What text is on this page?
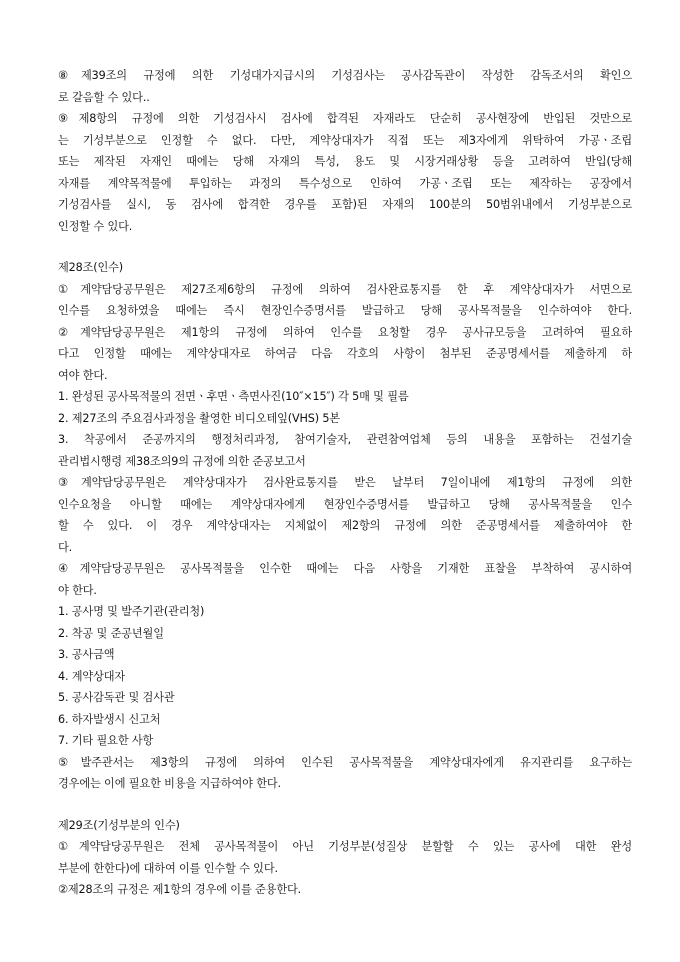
⑧제39조의 규정에 의한 기성대가지급시의 기성검사는 공사감독관이 작성한 감독조서의 확인으
로 갈음할 수 있다..
⑨제8항의 규정에 의한 기성검사시 검사에 합격된 자재라도 단순히 공사현장에 반입된 것만으로
는 기성부분으로 인정할 수 없다. 다만, 계약상대자가 직접 또는 제3자에게 위탁하여 가공ㆍ조립
또는 제작된 자재인 때에는 당해 자재의 특성, 용도 및 시장거래상황 등을 고려하여 반입(당해
자재를 계약목적물에 투입하는 과정의 특수성으로 인하여 가공ㆍ조립 또는 제작하는 공장에서
기성검사를 실시, 동 검사에 합격한 경우를 포함)된 자재의 100분의 50범위내에서 기성부분으로
인정할 수 있다.
제28조(인수)
①계약담당공무원은 제27조제6항의 규정에 의하여 검사완료통지를 한 후 계약상대자가 서면으로
인수를 요청하였을 때에는 즉시 현장인수증명서를 발급하고 당해 공사목적물을 인수하여야 한다.
②계약담당공무원은 제1항의 규정에 의하여 인수를 요청할 경우 공사규모등을 고려하여 필요하
다고 인정할 때에는 계약상대자로 하여금 다음 각호의 사항이 첨부된 준공명세서를 제출하게 하
여야 한다.
1. 완성된 공사목적물의 전면ㆍ후면ㆍ측면사진(10″×15″) 각 5매 및 필름
2. 제27조의 주요검사과정을 촬영한 비디오테잎(VHS) 5본
3. 착공에서 준공까지의 행정처리과정, 참여기술자, 관련참여업체 등의 내용을 포함하는 건설기술
관리법시행령 제38조의9의 규정에 의한 준공보고서
③계약담당공무원은 계약상대자가 검사완료통지를 받은 날부터 7일이내에 제1항의 규정에 의한
인수요청을 아니할 때에는 계약상대자에게 현장인수증명서를 발급하고 당해 공사목적물을 인수
할 수 있다. 이 경우 계약상대자는 지체없이 제2항의 규정에 의한 준공명세서를 제출하여야 한
다.
④계약담당공무원은 공사목적물을 인수한 때에는 다음 사항을 기재한 표찰을 부착하여 공시하여
야 한다.
1. 공사명 및 발주기관(관리청)
2. 착공 및 준공년월일
3. 공사금액
4. 계약상대자
5. 공사감독관 및 검사관
6. 하자발생시 신고처
7. 기타 필요한 사항
⑤발주관서는 제3항의 규정에 의하여 인수된 공사목적물을 계약상대자에게 유지관리를 요구하는
경우에는 이에 필요한 비용을 지급하여야 한다.
제29조(기성부분의 인수)
①계약담당공무원은 전체 공사목적물이 아닌 기성부분(성질상 분할할 수 있는 공사에 대한 완성
부분에 한한다)에 대하여 이를 인수할 수 있다.
②제28조의 규정은 제1항의 경우에 이를 준용한다.
